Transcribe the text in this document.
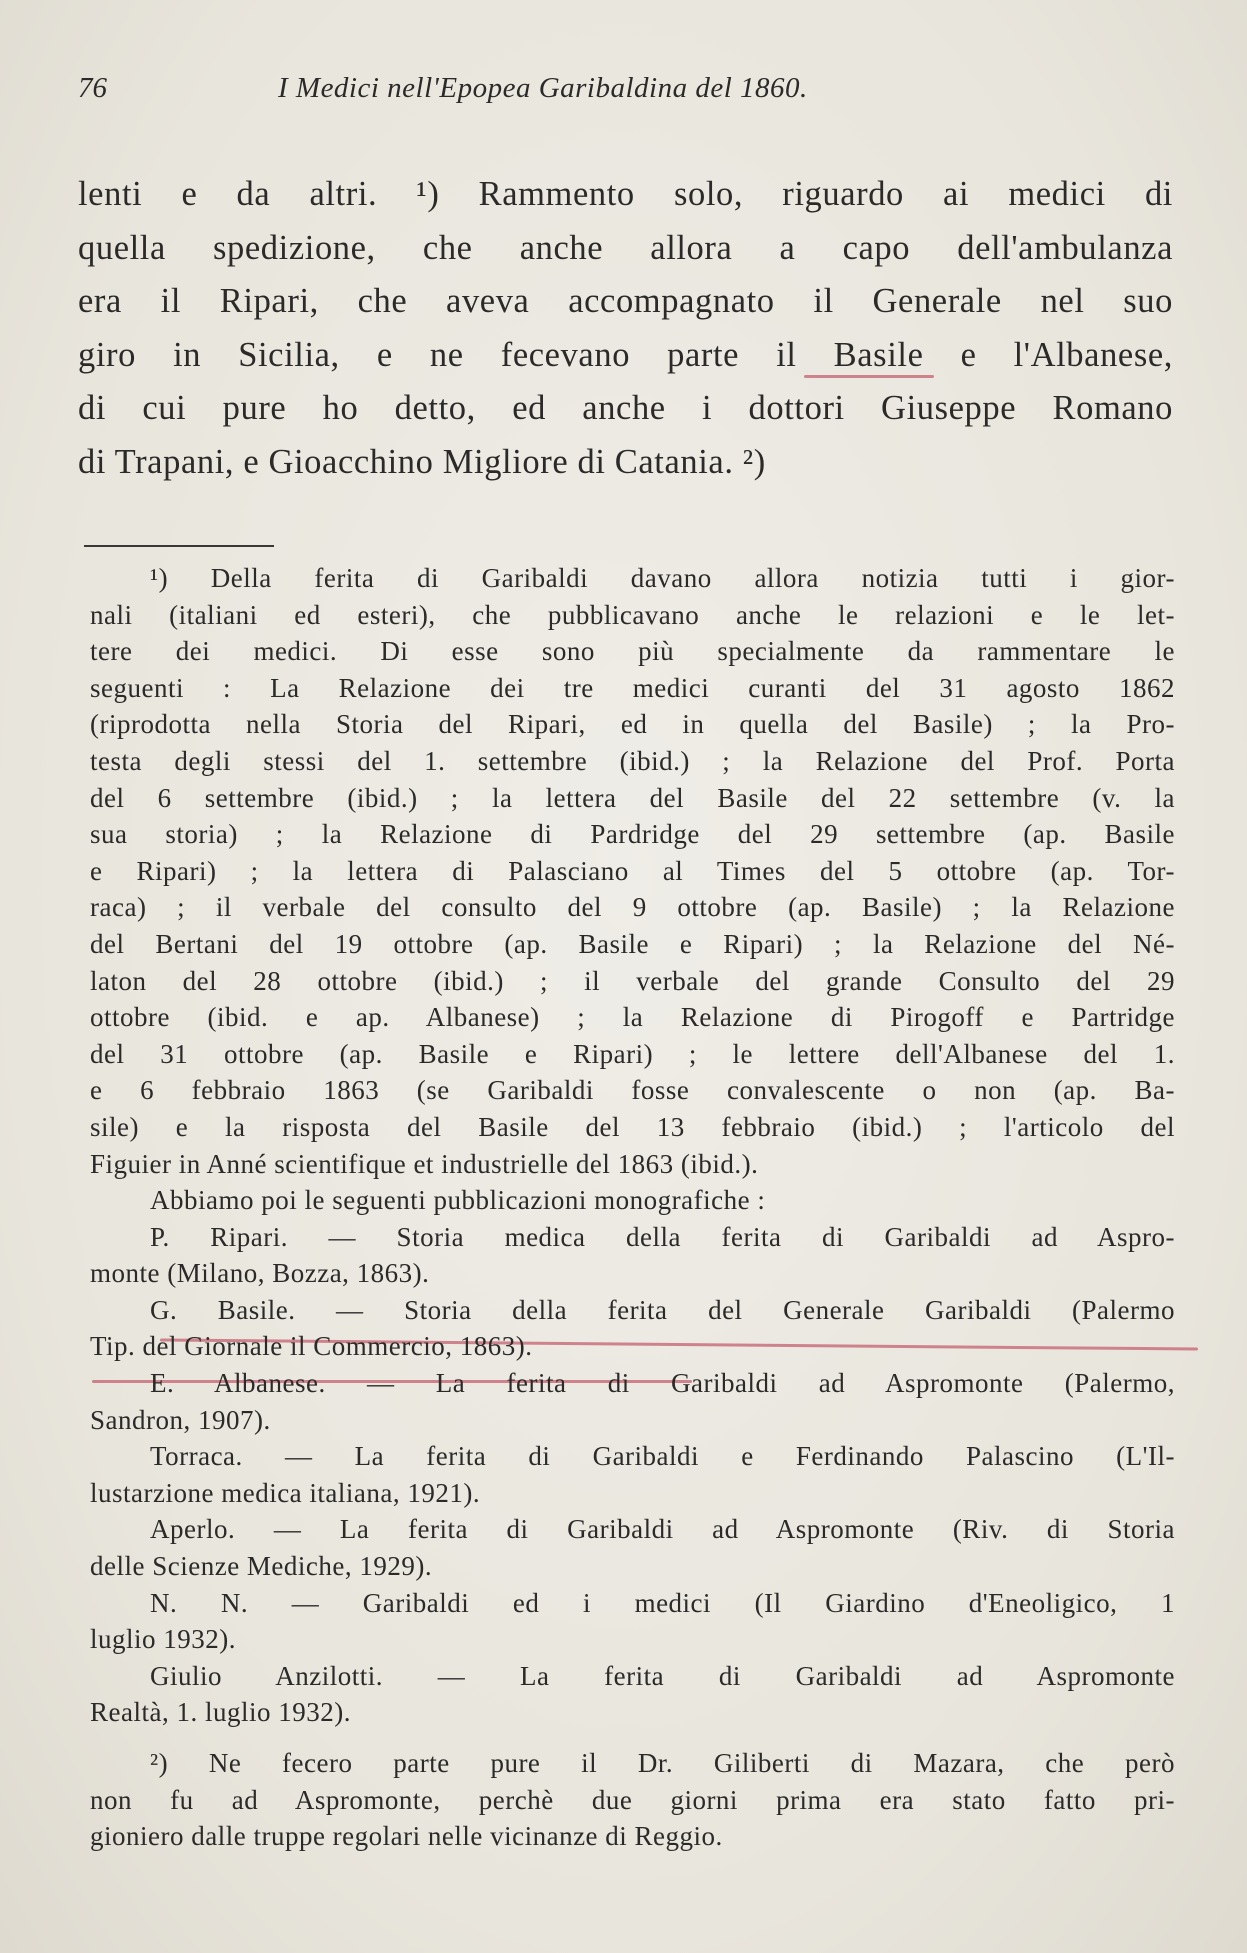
76	I Medici nell'Epopea Garibaldina del 1860.
lenti e da altri. ¹) Rammento solo, riguardo ai medici di
quella spedizione, che anche allora a capo dell'ambulanza
era il Ripari, che aveva accompagnato il Generale nel suo
giro in Sicilia, e ne fecevano parte il Basile e l'Albanese,
di cui pure ho detto, ed anche i dottori Giuseppe Romano
di Trapani, e Gioacchino Migliore di Catania. ²)
¹) Della ferita di Garibaldi davano allora notizia tutti i gior-
nali (italiani ed esteri), che pubblicavano anche le relazioni e le let-
tere dei medici. Di esse sono più specialmente da rammentare le
seguenti : La Relazione dei tre medici curanti del 31 agosto 1862
(riprodotta nella Storia del Ripari, ed in quella del Basile) ; la Pro-
testa degli stessi del 1. settembre (ibid.) ; la Relazione del Prof. Porta
del 6 settembre (ibid.) ; la lettera del Basile del 22 settembre (v. la
sua storia) ; la Relazione di Pardridge del 29 settembre (ap. Basile
e Ripari) ; la lettera di Palasciano al Times del 5 ottobre (ap. Tor-
raca) ; il verbale del consulto del 9 ottobre (ap. Basile) ; la Relazione
del Bertani del 19 ottobre (ap. Basile e Ripari) ; la Relazione del Né-
laton del 28 ottobre (ibid.) ; il verbale del grande Consulto del 29
ottobre (ibid. e ap. Albanese) ; la Relazione di Pirogoff e Partridge
del 31 ottobre (ap. Basile e Ripari) ; le lettere dell'Albanese del 1.
e 6 febbraio 1863 (se Garibaldi fosse convalescente o non (ap. Ba-
sile) e la risposta del Basile del 13 febbraio (ibid.) ; l'articolo del
Figuier in Anné scientifique et industrielle del 1863 (ibid.).
Abbiamo poi le seguenti pubblicazioni monografiche :
P. Ripari. — Storia medica della ferita di Garibaldi ad Aspro-
monte (Milano, Bozza, 1863).
G. Basile. — Storia della ferita del Generale Garibaldi (Palermo
Tip. del Giornale il Commercio, 1863).
E. Albanese. — La ferita di Garibaldi ad Aspromonte (Palermo,
Sandron, 1907).
Torraca. — La ferita di Garibaldi e Ferdinando Palascino (L'Il-
lustarzione medica italiana, 1921).
Aperlo. — La ferita di Garibaldi ad Aspromonte (Riv. di Storia
delle Scienze Mediche, 1929).
N. N. — Garibaldi ed i medici (Il Giardino d'Eneoligico, 1
luglio 1932).
Giulio Anzilotti. — La ferita di Garibaldi ad Aspromonte
Realtà, 1. luglio 1932).
²) Ne fecero parte pure il Dr. Giliberti di Mazara, che però
non fu ad Aspromonte, perchè due giorni prima era stato fatto pri-
gioniero dalle truppe regolari nelle vicinanze di Reggio.
